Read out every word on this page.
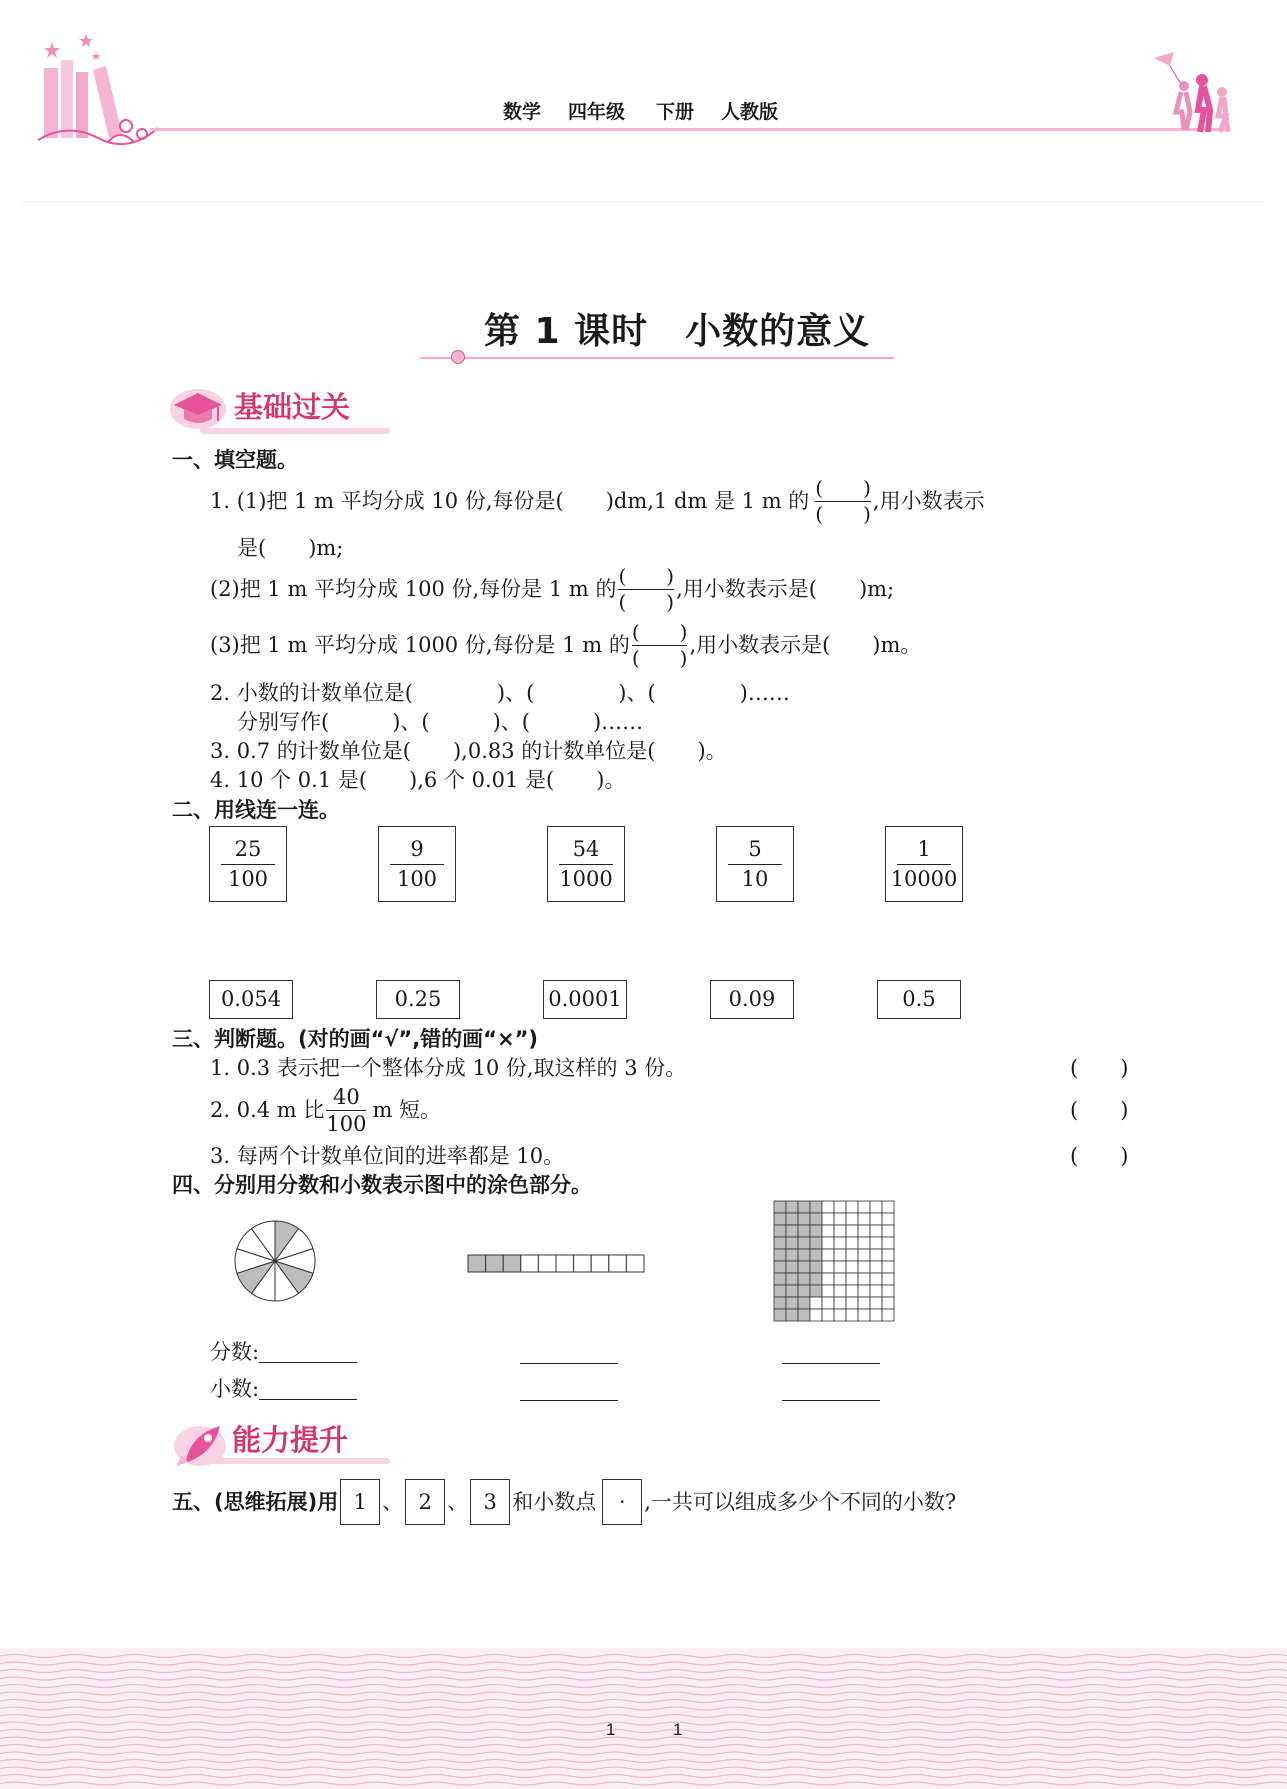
数学 四年级 下册 人教版
第 1 课时　小数的意义
基础过关
一、填空题。
1. (1)把 1 m 平均分成 10 份,每份是(　　)dm,1 dm 是 1 m 的 $\frac{( )}{( )}$ ,用小数表示
是(　　)m;
(2)把 1 m 平均分成 100 份,每份是 1 m 的 $\frac{( )}{( )}$ ,用小数表示是(　　)m;
(3)把 1 m 平均分成 1000 份,每份是 1 m 的 $\frac{( )}{( )}$ ,用小数表示是(　　)m。
2. 小数的计数单位是(　　　　)、(　　　　)、(　　　　)……
分别写作(　　　)、(　　　)、(　　　)……
3. 0.7 的计数单位是(　　),0.83 的计数单位是(　　)。
4. 10 个 0.1 是(　　),6 个 0.01 是(　　)。
二、用线连一连。
25
100
9
100
54
1000
5
10
1
10000
0.054	0.25	0.0001	0.09	0.5
三、判断题。(对的画“√”,错的画“×”)
1. 0.3 表示把一个整体分成 10 份,取这样的 3 份。	(　　)
2. 0.4 m 比 $\frac{40}{100}$ m 短。	(　　)
3. 每两个计数单位间的进率都是 10。	(　　)
四、分别用分数和小数表示图中的涂色部分。
分数:
小数:
能力提升
五、(思维拓展)用 1 、 2 、 3 和小数点	· ,一共可以组成多少个不同的小数?
1	1
